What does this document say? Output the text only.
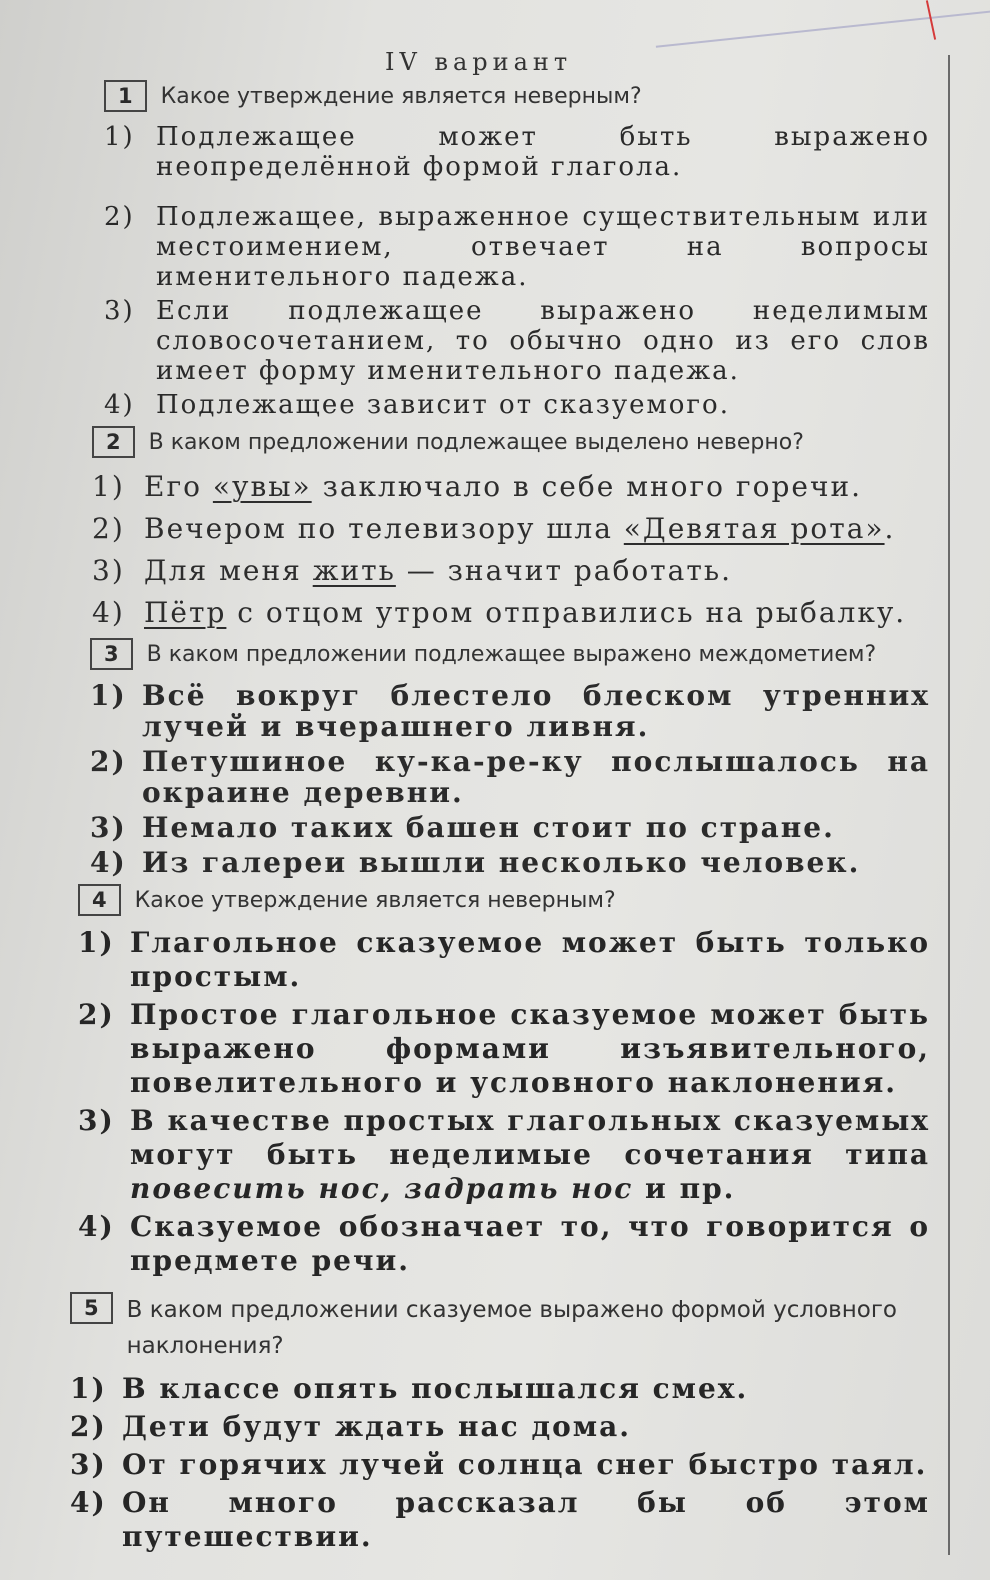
IV вариант
1	Какое утверждение является неверным?
1) Подлежащее может быть выражено неопределённой формой глагола.
2) Подлежащее, выраженное существительным или местоимением, отвечает на вопросы именительного падежа.
3) Если подлежащее выражено неделимым словосочетанием, то обычно одно из его слов имеет форму именительного падежа.
4) Подлежащее зависит от сказуемого.
2	В каком предложении подлежащее выделено неверно?
1) Его «увы» заключало в себе много горечи.
2) Вечером по телевизору шла «Девятая рота».
3) Для меня жить — значит работать.
4) Пётр с отцом утром отправились на рыбалку.
3	В каком предложении подлежащее выражено междометием?
1) Всё вокруг блестело блеском утренних лучей и вчерашнего ливня.
2) Петушиное ку-ка-ре-ку послышалось на окраине деревни.
3) Немало таких башен стоит по стране.
4) Из галереи вышли несколько человек.
4	Какое утверждение является неверным?
1) Глагольное сказуемое может быть только простым.
2) Простое глагольное сказуемое может быть выражено формами изъявительного, повелительного и условного наклонения.
3) В качестве простых глагольных сказуемых могут быть неделимые сочетания типа повесить нос, задрать нос и пр.
4) Сказуемое обозначает то, что говорится о предмете речи.
5	В каком предложении сказуемое выражено формой условного наклонения?
1) В классе опять послышался смех.
2) Дети будут ждать нас дома.
3) От горячих лучей солнца снег быстро таял.
4) Он много рассказал бы об этом путешествии.
